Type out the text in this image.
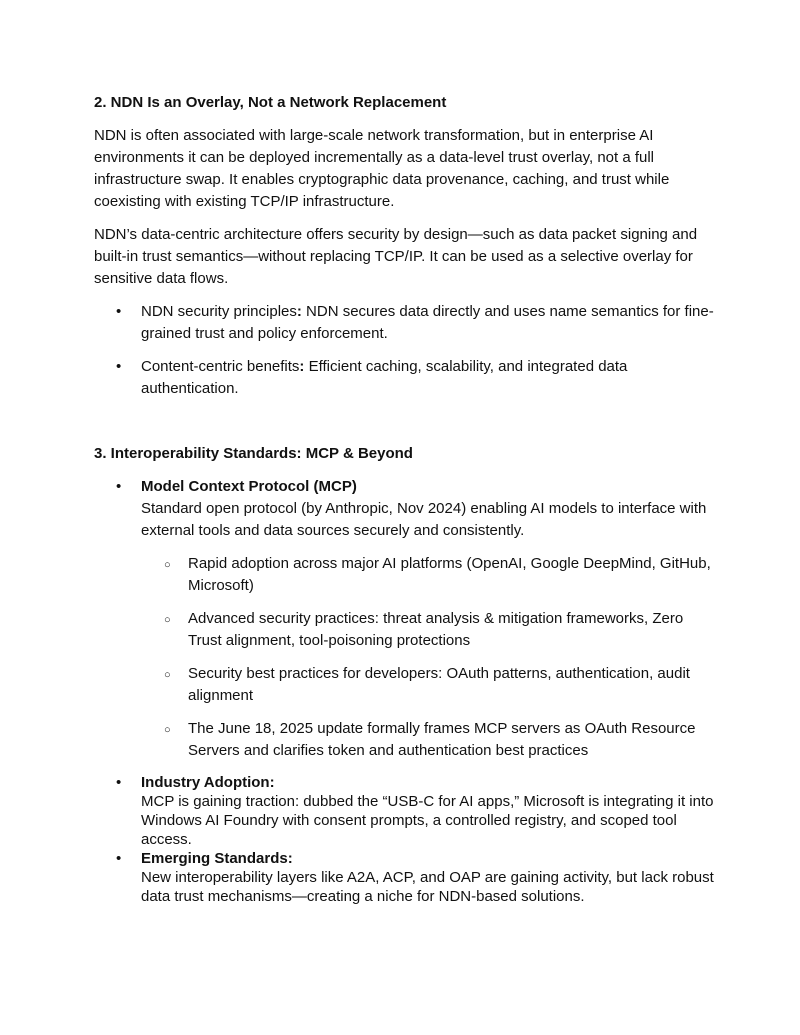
2. NDN Is an Overlay, Not a Network Replacement

NDN is often associated with large-scale network transformation, but in enterprise AI environments it can be deployed incrementally as a data-level trust overlay, not a full infrastructure swap. It enables cryptographic data provenance, caching, and trust while coexisting with existing TCP/IP infrastructure.

NDN’s data-centric architecture offers security by design—such as data packet signing and built-in trust semantics—without replacing TCP/IP. It can be used as a selective overlay for sensitive data flows.

• NDN security principles: NDN secures data directly and uses name semantics for fine-grained trust and policy enforcement.
• Content-centric benefits: Efficient caching, scalability, and integrated data authentication.

3. Interoperability Standards: MCP & Beyond

• Model Context Protocol (MCP)
Standard open protocol (by Anthropic, Nov 2024) enabling AI models to interface with external tools and data sources securely and consistently.
○ Rapid adoption across major AI platforms (OpenAI, Google DeepMind, GitHub, Microsoft)
○ Advanced security practices: threat analysis & mitigation frameworks, Zero Trust alignment, tool-poisoning protections
○ Security best practices for developers: OAuth patterns, authentication, audit alignment
○ The June 18, 2025 update formally frames MCP servers as OAuth Resource Servers and clarifies token and authentication best practices
• Industry Adoption:
MCP is gaining traction: dubbed the “USB-C for AI apps,” Microsoft is integrating it into Windows AI Foundry with consent prompts, a controlled registry, and scoped tool access.
• Emerging Standards:
New interoperability layers like A2A, ACP, and OAP are gaining activity, but lack robust data trust mechanisms—creating a niche for NDN-based solutions.
